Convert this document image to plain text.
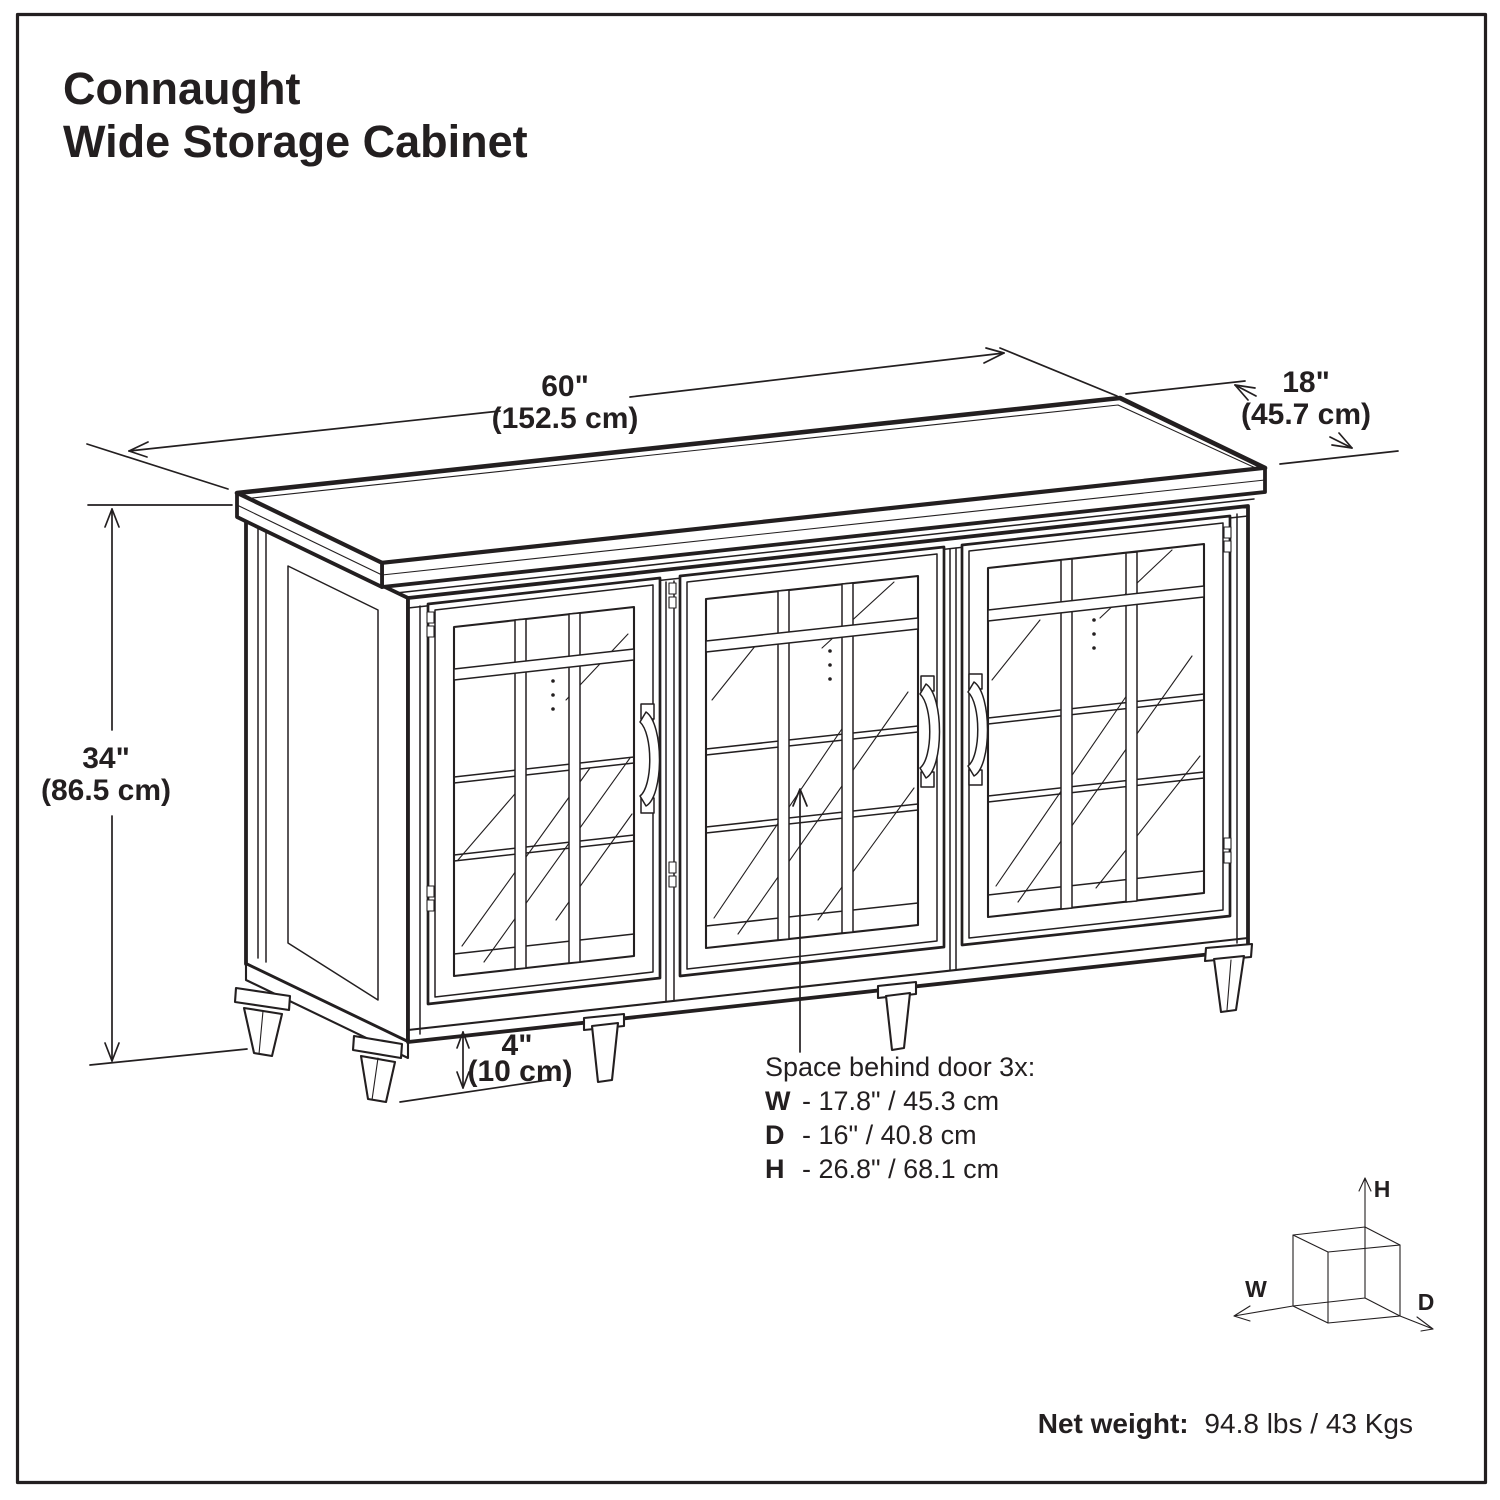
Connaught
Wide Storage Cabinet
60"
(152.5 cm)
18"
(45.7 cm)
34"
(86.5 cm)
4"
(10 cm)	Space behind door 3x:
W - 17.8" / 45.3 cm
D - 16" / 40.8 cm
H - 26.8" / 68.1 cm
H
W	D
Net weight: 94.8 lbs / 43 Kgs
